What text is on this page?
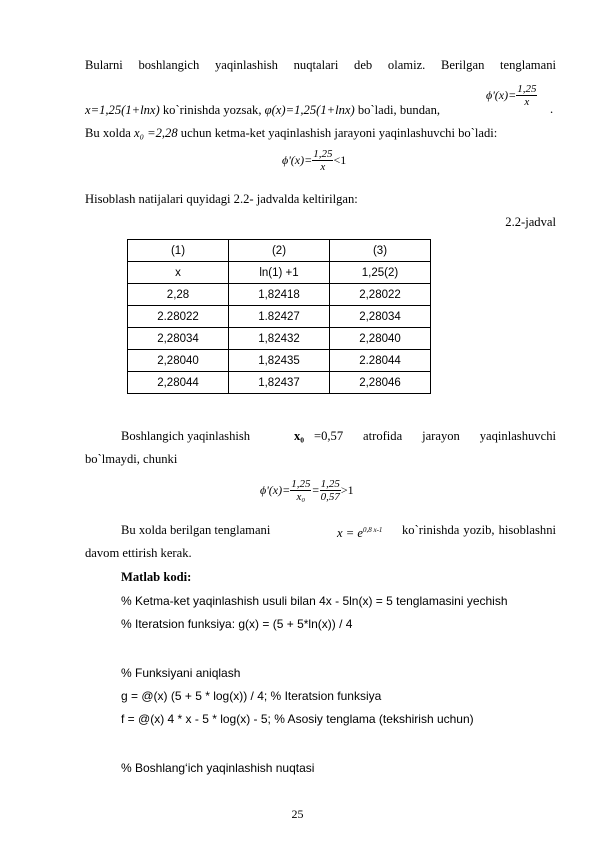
Bularni boshlangich yaqinlashish nuqtalari deb olamiz. Berilgan tenglamani
x=1,25(1+lnx) ko`rinishda yozsak, φ(x)=1,25(1+lnx) bo`ladi, bundan,
$\phi'(x)= \frac{1,25}{x}$
.
Bu xolda x₀ =2,28 uchun ketma-ket yaqinlashish jarayoni yaqinlashuvchi bo`ladi:
$\phi'(x)= \frac{1,25}{x} <1$
Hisoblash natijalari quyidagi 2.2- jadvalda keltirilgan:
2.2-jadval
(1)	(2)	(3)
x	ln(1) +1	1,25(2)
2,28	1,82418	2,28022
2.28022	1.82427	2,28034
2,28034	1,82432	2,28040
2,28040	1,82435	2.28044
2,28044	1,82437	2,28046
Boshlangich yaqinlashish	x₀ =0,57 atrofida jarayon yaqinlashuvchi
bo`lmaydi, chunki
$\phi'(x)= \frac{1,25}{\text{x₀}} = \frac{1,25}{0,57} >1$
Bu xolda berilgan tenglamani	$x = e^{0,8 x-1}$ ko`rinishda yozib, hisoblashni
davom ettirish kerak.
Matlab kodi:
% Ketma-ket yaqinlashish usuli bilan 4x - 5ln(x) = 5 tenglamasini yechish
% Iteratsion funksiya: g(x) = (5 + 5*ln(x)) / 4
% Funksiyani aniqlash
g = @(x) (5 + 5 * log(x)) / 4; % Iteratsion funksiya
f = @(x) 4 * x - 5 * log(x) - 5; % Asosiy tenglama (tekshirish uchun)
% Boshlang‘ich yaqinlashish nuqtasi
25
